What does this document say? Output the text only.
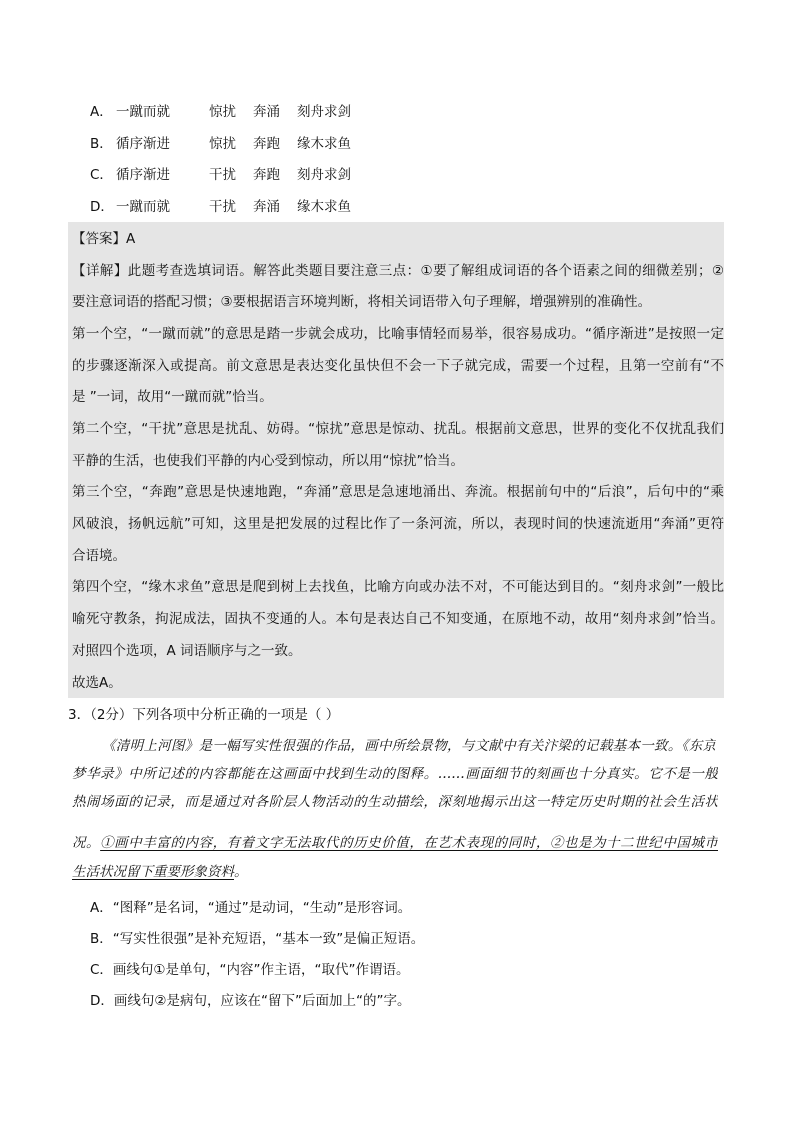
A． 一蹴而就	惊扰 奔涌 刻舟求剑
B． 循序渐进	惊扰 奔跑 缘木求鱼
C． 循序渐进	干扰 奔跑 刻舟求剑
D． 一蹴而就	干扰 奔涌 缘木求鱼
【答案】A
【详解】此题考查选填词语。解答此类题目要注意三点：①要了解组成词语的各个语素之间的细微差别；②
要注意词语的搭配习惯；③要根据语言环境判断，将相关词语带入句子理解，增强辨别的准确性。
第一个空，“一蹴而就”的意思是踏一步就会成功，比喻事情轻而易举，很容易成功。“循序渐进”是按照一定
的步骤逐渐深入或提高。前文意思是表达变化虽快但不会一下子就完成，需要一个过程，且第一空前有“不
是 ”一词，故用“一蹴而就”恰当。
第二个空，“干扰”意思是扰乱、妨碍。“惊扰”意思是惊动、扰乱。根据前文意思，世界的变化不仅扰乱我们
平静的生活，也使我们平静的内心受到惊动，所以用“惊扰”恰当。
第三个空，“奔跑”意思是快速地跑，“奔涌”意思是急速地涌出、奔流。根据前句中的“后浪”，后句中的“乘
风破浪，扬帆远航”可知，这里是把发展的过程比作了一条河流，所以，表现时间的快速流逝用“奔涌”更符
合语境。
第四个空，“缘木求鱼”意思是爬到树上去找鱼，比喻方向或办法不对，不可能达到目的。“刻舟求剑”一般比
喻死守教条，拘泥成法，固执不变通的人。本句是表达自己不知变通，在原地不动，故用“刻舟求剑”恰当。
对照四个选项，A 词语顺序与之一致。
故选A。
3．（2分）下列各项中分析正确的一项是（ ）
《清明上河图》是一幅写实性很强的作品，画中所绘景物，与文献中有关汴梁的记载基本一致。《东京
梦华录》中所记述的内容都能在这画面中找到生动的图释。……画面细节的刻画也十分真实。它不是一般
热闹场面的记录，而是通过对各阶层人物活动的生动描绘，深刻地揭示出这一特定历史时期的社会生活状
况。①画中丰富的内容，有着文字无法取代的历史价值，在艺术表现的同时，②也是为十二世纪中国城市
生活状况留下重要形象资料。
A．“图释”是名词，“通过”是动词，“生动”是形容词。
B．“写实性很强”是补充短语，“基本一致”是偏正短语。
C．画线句①是单句，“内容”作主语，“取代”作谓语。
D．画线句②是病句，应该在“留下”后面加上“的”字。
